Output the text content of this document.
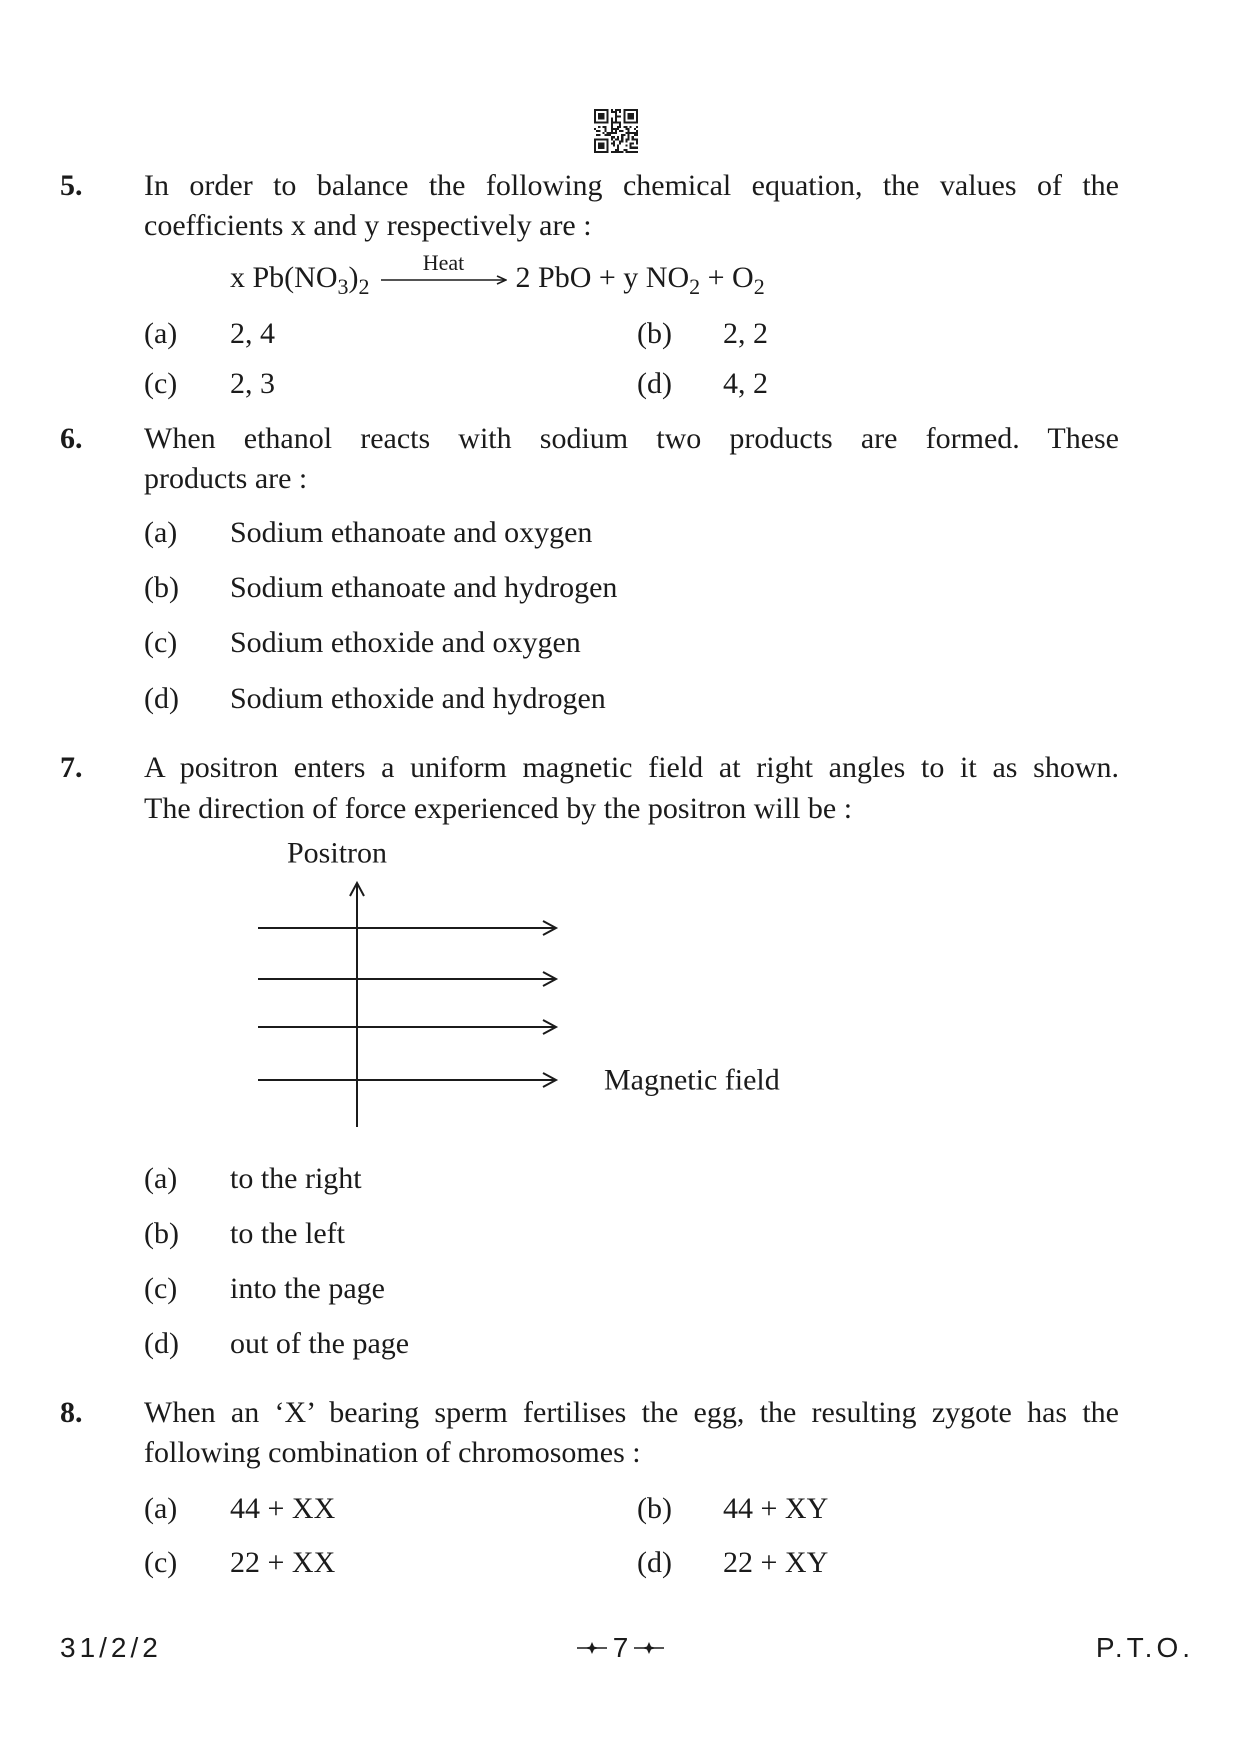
5. In order to balance the following chemical equation, the values of the
coefficients x and y respectively are :
x $Pb(NO_3)_2$
Heat	2 PbO + y $NO_2 + O_2$
(a) 2, 4	(b) 2, 2
(c) 2, 3	(d) 4, 2
6. When ethanol reacts with sodium two products are formed. These
products are :
(a) Sodium ethanoate and oxygen
(b) Sodium ethanoate and hydrogen
(c) Sodium ethoxide and oxygen
(d) Sodium ethoxide and hydrogen
7. A positron enters a uniform magnetic field at right angles to it as shown.
The direction of force experienced by the positron will be :
Positron
Magnetic field
(a) to the right
(b) to the left
(c) into the page
(d) out of the page
8. When an ‘X’ bearing sperm fertilises the egg, the resulting zygote has the
following combination of chromosomes :
(a) 44 + XX	(b) 44 + XY
(c) 22 + XX	(d) 22 + XY
31/2/2	7	P.T.O.
